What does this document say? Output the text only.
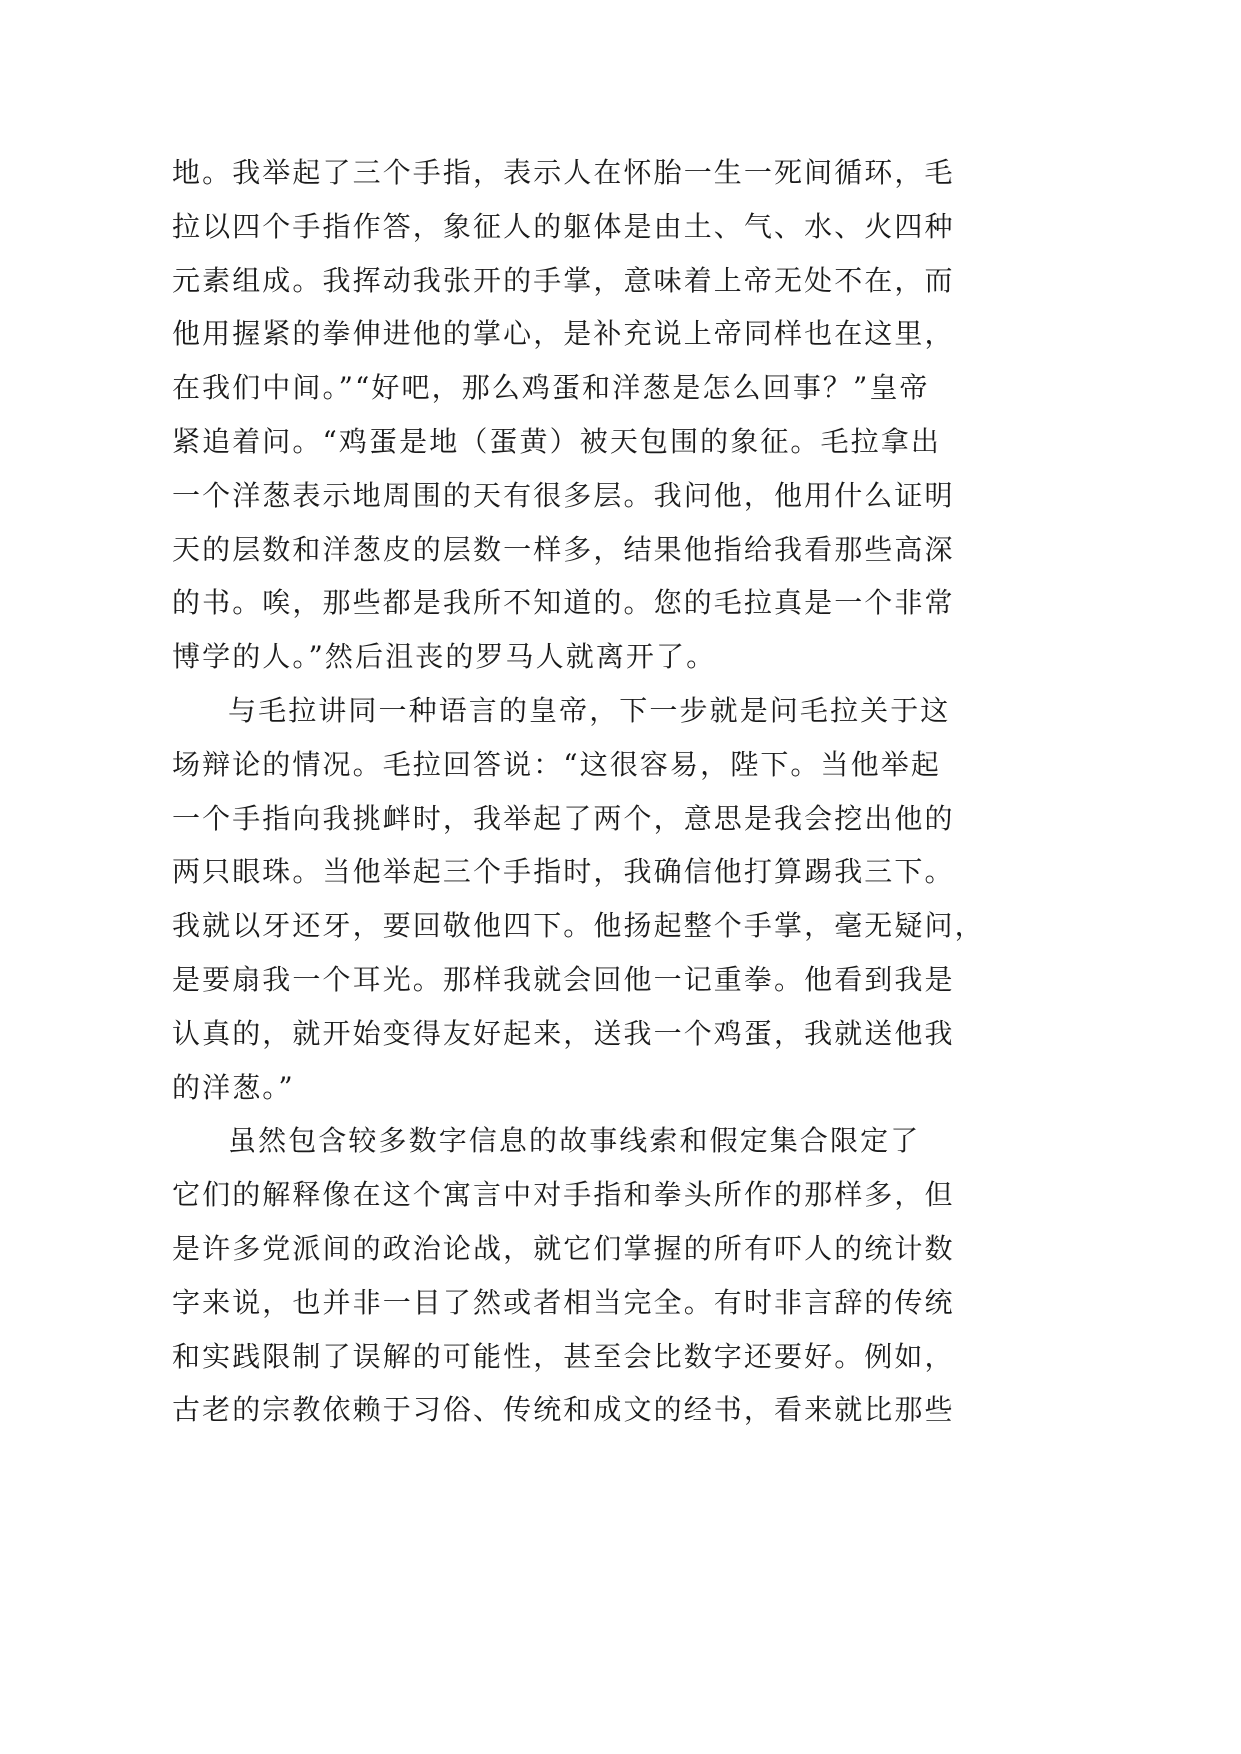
地。我举起了三个手指，表示人在怀胎一生一死间循环，毛
拉以四个手指作答，象征人的躯体是由土、气、水、火四种
元素组成。我挥动我张开的手掌，意味着上帝无处不在，而
他用握紧的拳伸进他的掌心，是补充说上帝同样也在这里，
在我们中间。”“好吧，那么鸡蛋和洋葱是怎么回事？”皇帝
紧追着问。“鸡蛋是地（蛋黄）被天包围的象征。毛拉拿出
一个洋葱表示地周围的天有很多层。我问他，他用什么证明
天的层数和洋葱皮的层数一样多，结果他指给我看那些高深
的书。唉，那些都是我所不知道的。您的毛拉真是一个非常
博学的人。”然后沮丧的罗马人就离开了。
与毛拉讲同一种语言的皇帝，下一步就是问毛拉关于这
场辩论的情况。毛拉回答说：“这很容易，陛下。当他举起
一个手指向我挑衅时，我举起了两个，意思是我会挖出他的
两只眼珠。当他举起三个手指时，我确信他打算踢我三下。
我就以牙还牙，要回敬他四下。他扬起整个手掌，毫无疑问，
是要扇我一个耳光。那样我就会回他一记重拳。他看到我是
认真的，就开始变得友好起来，送我一个鸡蛋，我就送他我
的洋葱。”
虽然包含较多数字信息的故事线索和假定集合限定了
它们的解释像在这个寓言中对手指和拳头所作的那样多，但
是许多党派间的政治论战，就它们掌握的所有吓人的统计数
字来说，也并非一目了然或者相当完全。有时非言辞的传统
和实践限制了误解的可能性，甚至会比数字还要好。例如，
古老的宗教依赖于习俗、传统和成文的经书，看来就比那些
